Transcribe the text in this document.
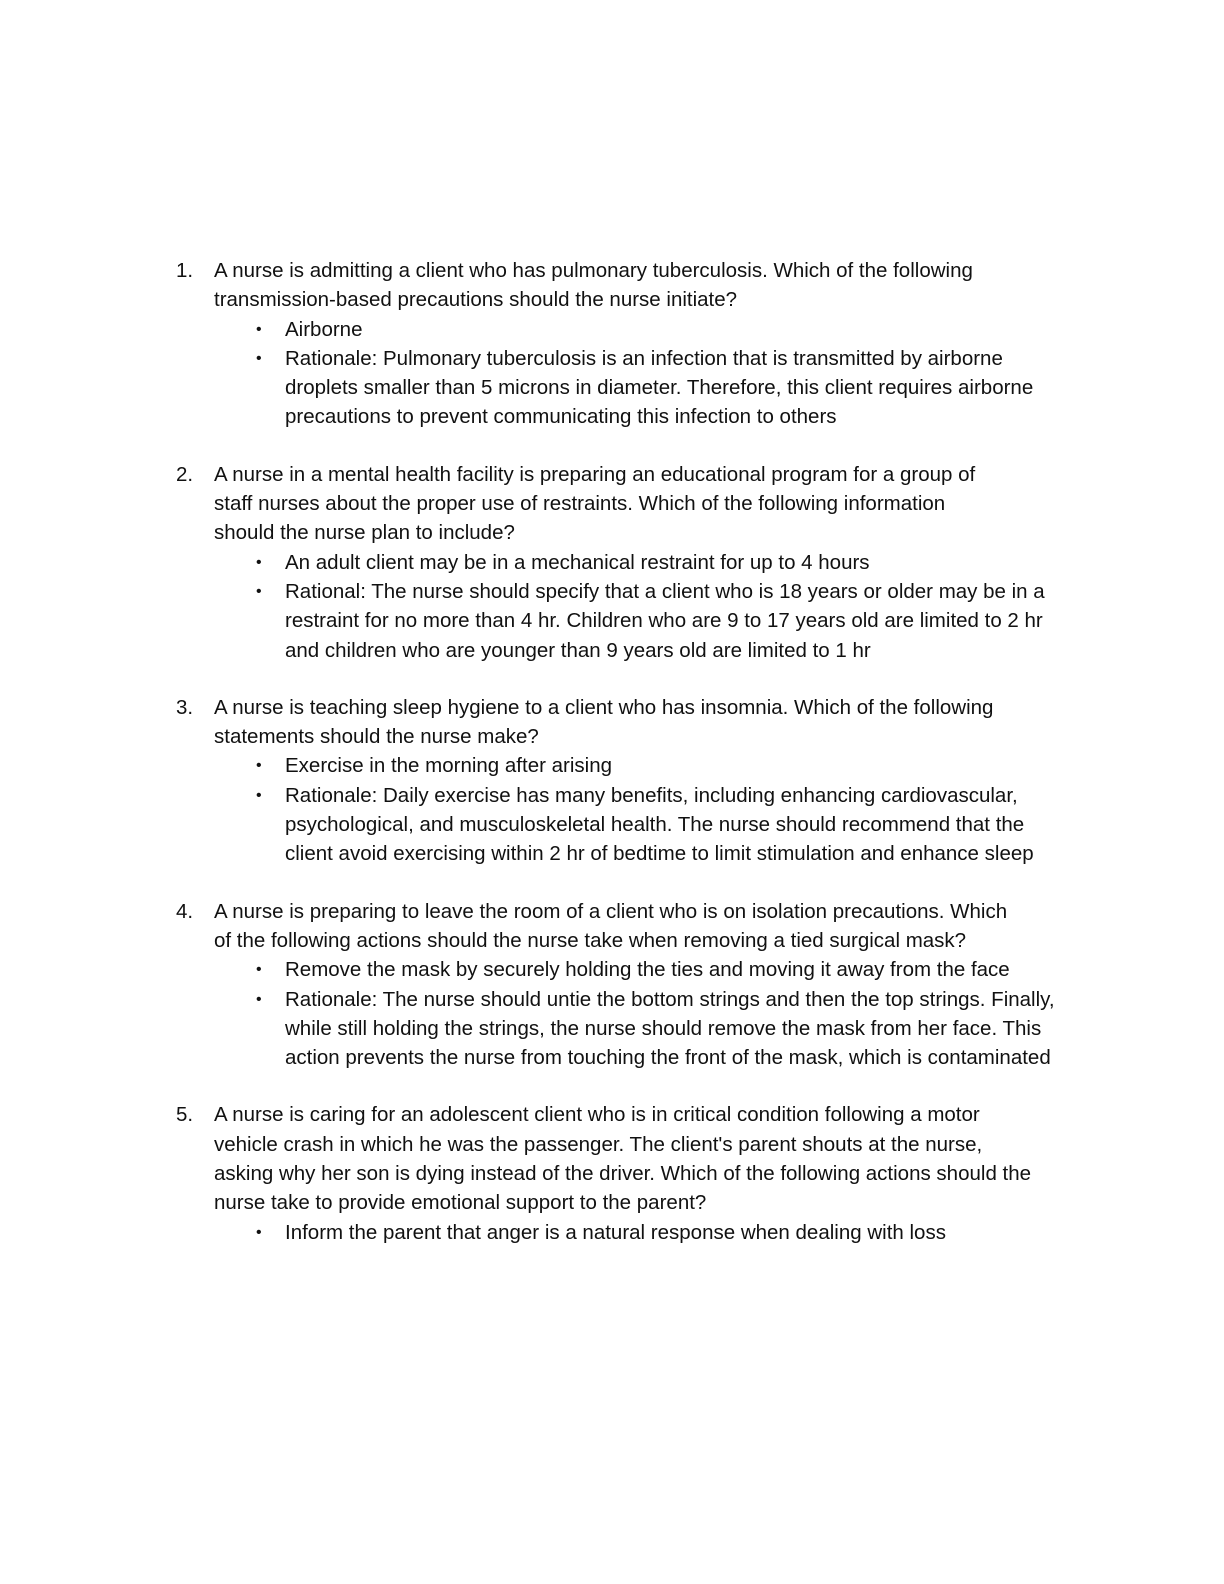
1.	A nurse is admitting a client who has pulmonary tuberculosis. Which of the following transmission-based precautions should the nurse initiate?
• Airborne
• Rationale: Pulmonary tuberculosis is an infection that is transmitted by airborne droplets smaller than 5 microns in diameter. Therefore, this client requires airborne precautions to prevent communicating this infection to others
2.	A nurse in a mental health facility is preparing an educational program for a group of staff nurses about the proper use of restraints. Which of the following information should the nurse plan to include?
• An adult client may be in a mechanical restraint for up to 4 hours
• Rational: The nurse should specify that a client who is 18 years or older may be in a restraint for no more than 4 hr. Children who are 9 to 17 years old are limited to 2 hr and children who are younger than 9 years old are limited to 1 hr
3.	A nurse is teaching sleep hygiene to a client who has insomnia. Which of the following statements should the nurse make?
• Exercise in the morning after arising
• Rationale: Daily exercise has many benefits, including enhancing cardiovascular, psychological, and musculoskeletal health. The nurse should recommend that the client avoid exercising within 2 hr of bedtime to limit stimulation and enhance sleep
4.	A nurse is preparing to leave the room of a client who is on isolation precautions. Which of the following actions should the nurse take when removing a tied surgical mask?
• Remove the mask by securely holding the ties and moving it away from the face
• Rationale: The nurse should untie the bottom strings and then the top strings. Finally, while still holding the strings, the nurse should remove the mask from her face. This action prevents the nurse from touching the front of the mask, which is contaminated
5.	A nurse is caring for an adolescent client who is in critical condition following a motor vehicle crash in which he was the passenger. The client's parent shouts at the nurse, asking why her son is dying instead of the driver. Which of the following actions should the nurse take to provide emotional support to the parent?
• Inform the parent that anger is a natural response when dealing with loss
